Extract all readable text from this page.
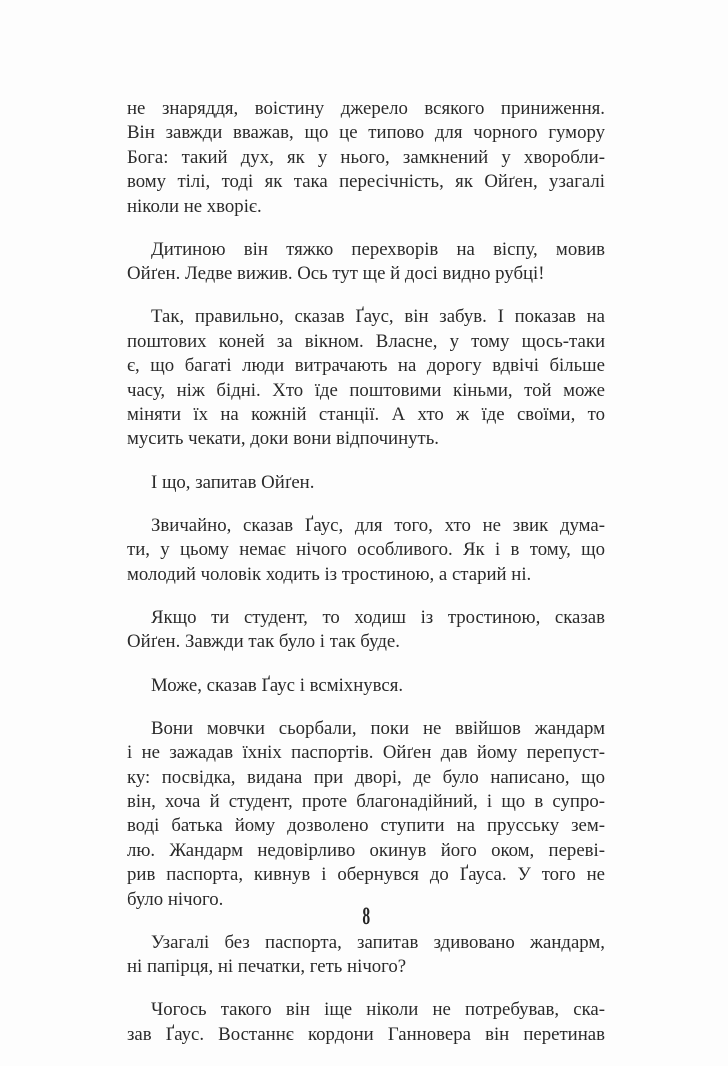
не знаряддя, воістину джерело всякого приниження.
Він завжди вважав, що це типово для чорного гумору
Бога: такий дух, як у нього, замкнений у хворобли-
вому тілі, тоді як така пересічність, як Ойґен, узагалі
ніколи не хворіє.

Дитиною він тяжко перехворів на віспу, мовив
Ойґен. Ледве вижив. Ось тут ще й досі видно рубці!

Так, правильно, сказав Ґаус, він забув. І показав на
поштових коней за вікном. Власне, у тому щось-таки
є, що багаті люди витрачають на дорогу вдвічі більше
часу, ніж бідні. Хто їде поштовими кіньми, той може
міняти їх на кожній станції. А хто ж їде своїми, то
мусить чекати, доки вони відпочинуть.

І що, запитав Ойґен.

Звичайно, сказав Ґаус, для того, хто не звик дума-
ти, у цьому немає нічого особливого. Як і в тому, що
молодий чоловік ходить із тростиною, а старий ні.

Якщо ти студент, то ходиш із тростиною, сказав
Ойґен. Завжди так було і так буде.

Може, сказав Ґаус і всміхнувся.

Вони мовчки сьорбали, поки не ввійшов жандарм
і не зажадав їхніх паспортів. Ойґен дав йому перепуст-
ку: посвідка, видана при дворі, де було написано, що
він, хоча й студент, проте благонадійний, і що в супро-
воді батька йому дозволено ступити на прусську зем-
лю. Жандарм недовірливо окинув його оком, переві-
рив паспорта, кивнув і обернувся до Ґауса. У того не
було нічого.

Узагалі без паспорта, запитав здивовано жандарм,
ні папірця, ні печатки, геть нічого?

Чогось такого він іще ніколи не потребував, ска-
зав Ґаус. Востаннє кордони Ганновера він перетинав

8
